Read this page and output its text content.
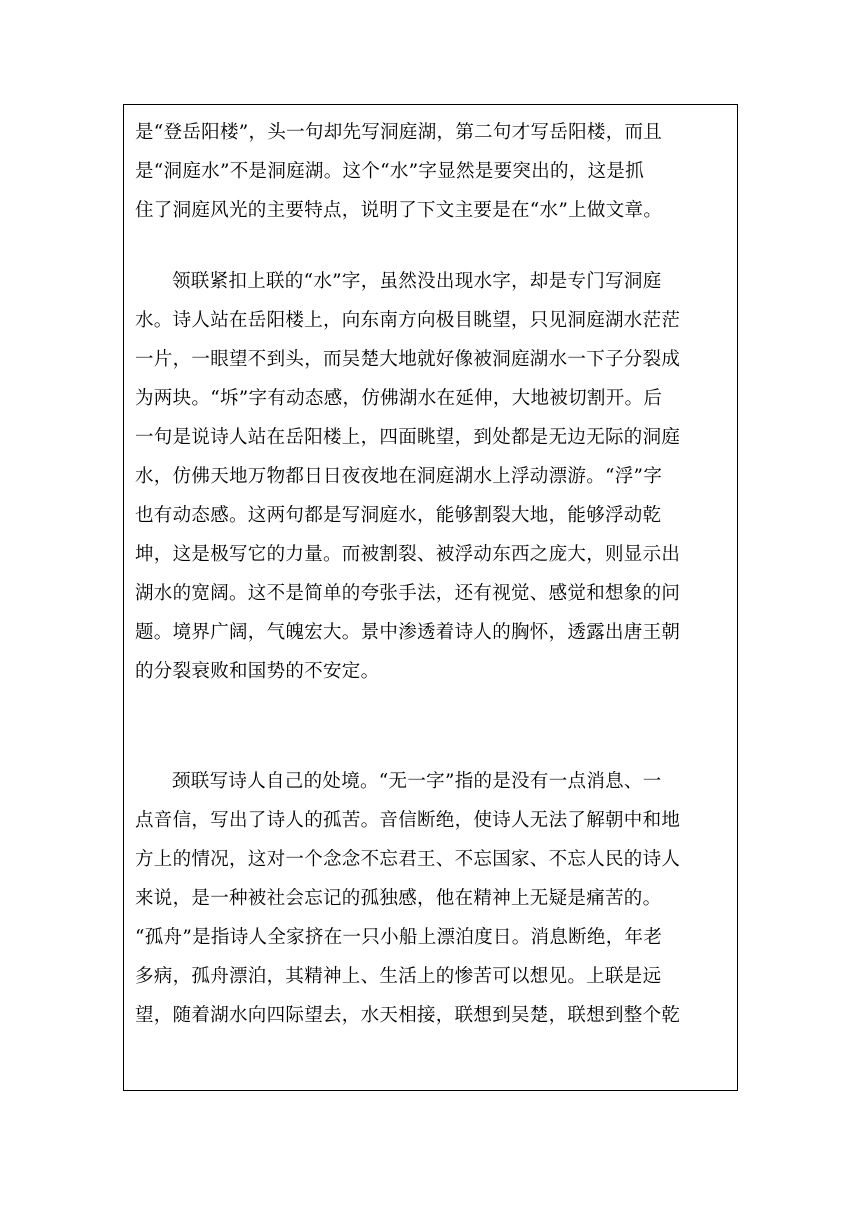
是“登岳阳楼”，头一句却先写洞庭湖，第二句才写岳阳楼，而且
是“洞庭水”不是洞庭湖。这个“水”字显然是要突出的，这是抓
住了洞庭风光的主要特点，说明了下文主要是在“水”上做文章。
领联紧扣上联的“水”字，虽然没出现水字，却是专门写洞庭
水。诗人站在岳阳楼上，向东南方向极目眺望，只见洞庭湖水茫茫
一片，一眼望不到头，而吴楚大地就好像被洞庭湖水一下子分裂成
为两块。“坼”字有动态感，仿佛湖水在延伸，大地被切割开。后
一句是说诗人站在岳阳楼上，四面眺望，到处都是无边无际的洞庭
水，仿佛天地万物都日日夜夜地在洞庭湖水上浮动漂游。“浮”字
也有动态感。这两句都是写洞庭水，能够割裂大地，能够浮动乾
坤，这是极写它的力量。而被割裂、被浮动东西之庞大，则显示出
湖水的宽阔。这不是简单的夸张手法，还有视觉、感觉和想象的问
题。境界广阔，气魄宏大。景中渗透着诗人的胸怀，透露出唐王朝
的分裂衰败和国势的不安定。
颈联写诗人自己的处境。“无一字”指的是没有一点消息、一
点音信，写出了诗人的孤苦。音信断绝，使诗人无法了解朝中和地
方上的情况，这对一个念念不忘君王、不忘国家、不忘人民的诗人
来说，是一种被社会忘记的孤独感，他在精神上无疑是痛苦的。
“孤舟”是指诗人全家挤在一只小船上漂泊度日。消息断绝，年老
多病，孤舟漂泊，其精神上、生活上的惨苦可以想见。上联是远
望，随着湖水向四际望去，水天相接，联想到吴楚，联想到整个乾
